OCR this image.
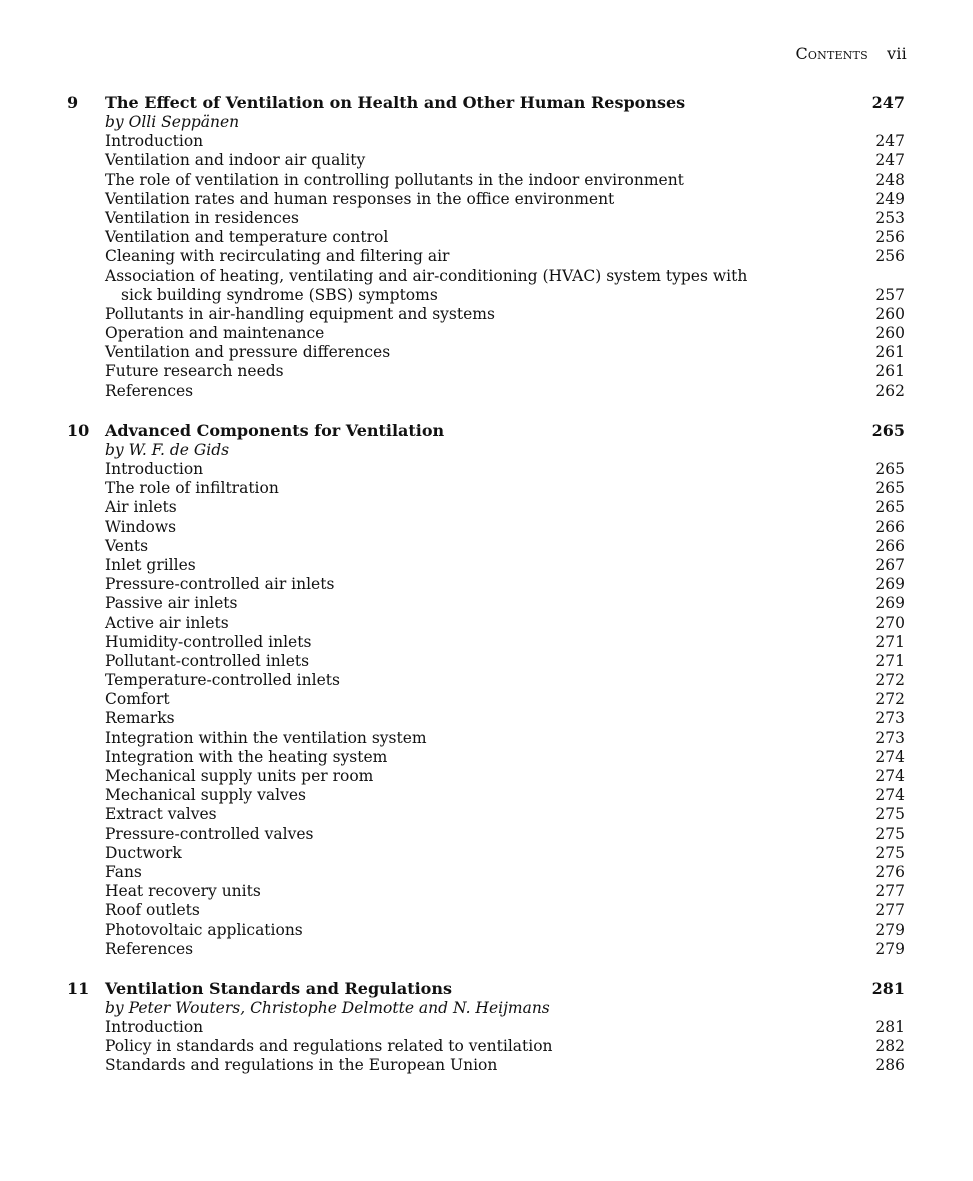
Contents vii
9 The Effect of Ventilation on Health and Other Human Responses	247
by Olli Seppänen
Introduction	247
Ventilation and indoor air quality	247
The role of ventilation in controlling pollutants in the indoor environment	248
Ventilation rates and human responses in the office environment	249
Ventilation in residences	253
Ventilation and temperature control	256
Cleaning with recirculating and filtering air	256
Association of heating, ventilating and air-conditioning (HVAC) system types with
sick building syndrome (SBS) symptoms	257
Pollutants in air-handling equipment and systems	260
Operation and maintenance	260
Ventilation and pressure differences	261
Future research needs	261
References	262
10 Advanced Components for Ventilation	265
by W. F. de Gids
Introduction	265
The role of infiltration	265
Air inlets	265
Windows	266
Vents	266
Inlet grilles	267
Pressure-controlled air inlets	269
Passive air inlets	269
Active air inlets	270
Humidity-controlled inlets	271
Pollutant-controlled inlets	271
Temperature-controlled inlets	272
Comfort	272
Remarks	273
Integration within the ventilation system	273
Integration with the heating system	274
Mechanical supply units per room	274
Mechanical supply valves	274
Extract valves	275
Pressure-controlled valves	275
Ductwork	275
Fans	276
Heat recovery units	277
Roof outlets	277
Photovoltaic applications	279
References	279
11 Ventilation Standards and Regulations	281
by Peter Wouters, Christophe Delmotte and N. Heijmans
Introduction	281
Policy in standards and regulations related to ventilation	282
Standards and regulations in the European Union	286
